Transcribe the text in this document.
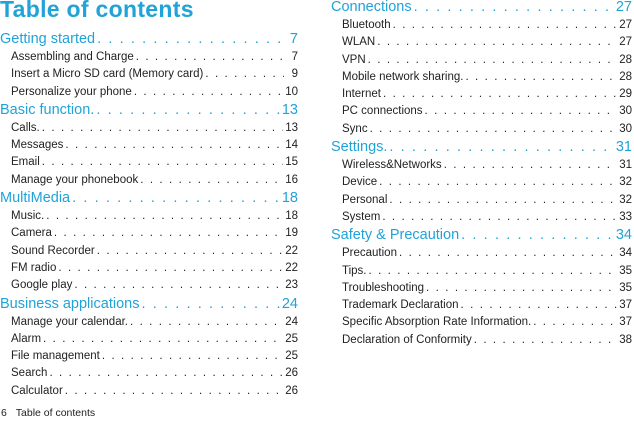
Table of contents
Getting started . . .	7
Assembling and Charge . . .	7
Insert a Micro SD card (Memory card) . . .	9
Personalize your phone . . .	10
Basic function. . . .	13
Calls. . . .	13
Messages . . .	14
Email . . .	15
Manage your phonebook . . .	16
MultiMedia . . .	18
Music. . . .	18
Camera . . .	19
Sound Recorder . . .	22
FM radio . . .	22
Google play . . .	23
Business applications . . .	24
Manage your calendar. . . .	24
Alarm . . .	25
File management . . .	25
Search . . .	26
Calculator . . .	26
Connections . . .	27
Bluetooth . . .	27
WLAN . . .	27
VPN . . .	28
Mobile network sharing. . . .	28
Internet . . .	29
PC connections . . .	30
Sync . . .	30
Settings. . . .	31
Wireless&Networks . . .	31
Device . . .	32
Personal . . .	32
System . . .	33
Safety & Precaution . . .	34
Precaution . . .	34
Tips. . . .	35
Troubleshooting . . .	35
Trademark Declaration . . .	37
Specific Absorption Rate Information. . . .	37
Declaration of Conformity . . .	38
6 Table of contents
